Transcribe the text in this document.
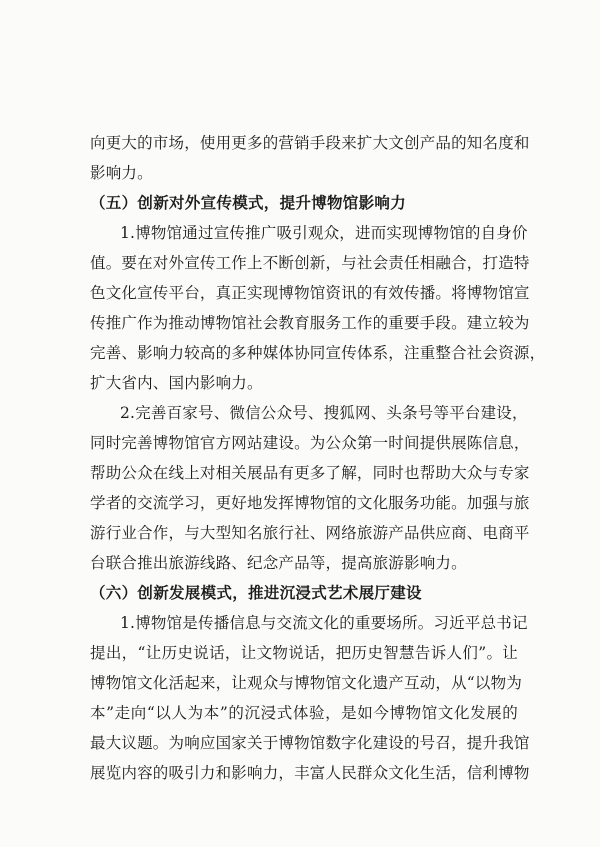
向更大的市场，使用更多的营销手段来扩大文创产品的知名度和
影响力。
（五）创新对外宣传模式，提升博物馆影响力
1.博物馆通过宣传推广吸引观众，进而实现博物馆的自身价
值。要在对外宣传工作上不断创新，与社会责任相融合，打造特
色文化宣传平台，真正实现博物馆资讯的有效传播。将博物馆宣
传推广作为推动博物馆社会教育服务工作的重要手段。建立较为
完善、影响力较高的多种媒体协同宣传体系，注重整合社会资源，
扩大省内、国内影响力。
2.完善百家号、微信公众号、搜狐网、头条号等平台建设，
同时完善博物馆官方网站建设。为公众第一时间提供展陈信息，
帮助公众在线上对相关展品有更多了解，同时也帮助大众与专家
学者的交流学习，更好地发挥博物馆的文化服务功能。加强与旅
游行业合作，与大型知名旅行社、网络旅游产品供应商、电商平
台联合推出旅游线路、纪念产品等，提高旅游影响力。
（六）创新发展模式，推进沉浸式艺术展厅建设
1.博物馆是传播信息与交流文化的重要场所。习近平总书记
提出，“让历史说话，让文物说话，把历史智慧告诉人们”。让
博物馆文化活起来，让观众与博物馆文化遗产互动，从“以物为
本”走向“以人为本”的沉浸式体验，是如今博物馆文化发展的
最大议题。为响应国家关于博物馆数字化建设的号召，提升我馆
展览内容的吸引力和影响力，丰富人民群众文化生活，信利博物
